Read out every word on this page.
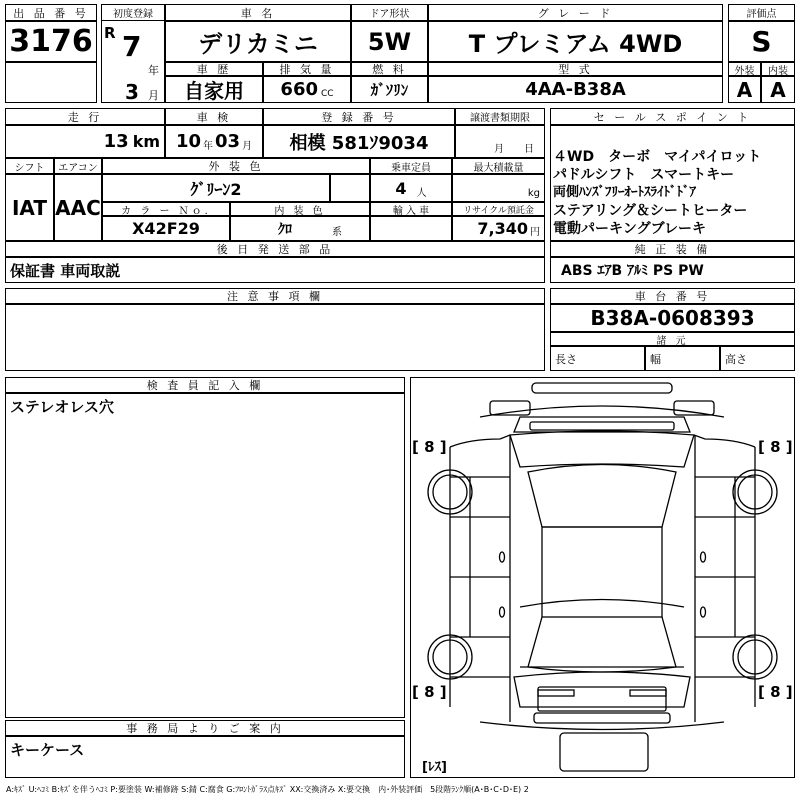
出 品 番 号
3176
初度登録
R 7
年
3 月
車 名
デリカミニ
ドア形状
5W
グ レ ー ド
T プレミアム 4WD
評価点
S
車 歴
自家用
排 気 量
660 CC
燃 料
ｶﾞｿﾘﾝ
型 式
4AA-B38A
外装
A
内装
A
走 行
13 km
車 検
10 年 03 月
登 録 番 号
相模 581ｿ9034
譲渡書類期限
月 日
シフト
IAT
エアコン
AAC
外 装 色
ｸﾞﾘｰﾝ2
乗車定員
4 人
最大積載量
kg
カ ラ ー Ｎｏ.
X42F29
内 装 色
ｸﾛ	系
輸 入 車	リサイクル預託金
7,340 円
後 日 発 送 部 品
保証書 車両取説
セ ー ル ス ポ イ ン ト
４WD　ターボ　マイパイロット
パドルシフト　スマートキー
両側ﾊﾝｽﾞﾌﾘｰｵｰﾄｽﾗｲﾄﾞﾄﾞｱ
ステアリング＆シートヒーター
電動パーキングブレーキ
純 正 装 備
ABS ｴｱB ｱﾙﾐ PS PW
注 意 事 項 欄	車 台 番 号
B38A-0608393
諸 元
長さ	幅	高さ
検 査 員 記 入 欄
ステレオレス穴
事 務 局 よ り ご 案 内
キーケース
[ 8 ]	[ 8 ]
[ 8 ]	[ 8 ]
[ﾚｽ]
A:ｷｽﾞ U:ﾍｺﾐ B:ｷｽﾞを伴うﾍｺﾐ P:要塗装 W:補修跡 S:錆 C:腐食 G:ﾌﾛﾝﾄｶﾞﾗｽ点ｷｽﾞ XX:交換済み X:要交換　内･外装評価　5段階ﾗﾝｸ順(A･B･C･D･E) 2
